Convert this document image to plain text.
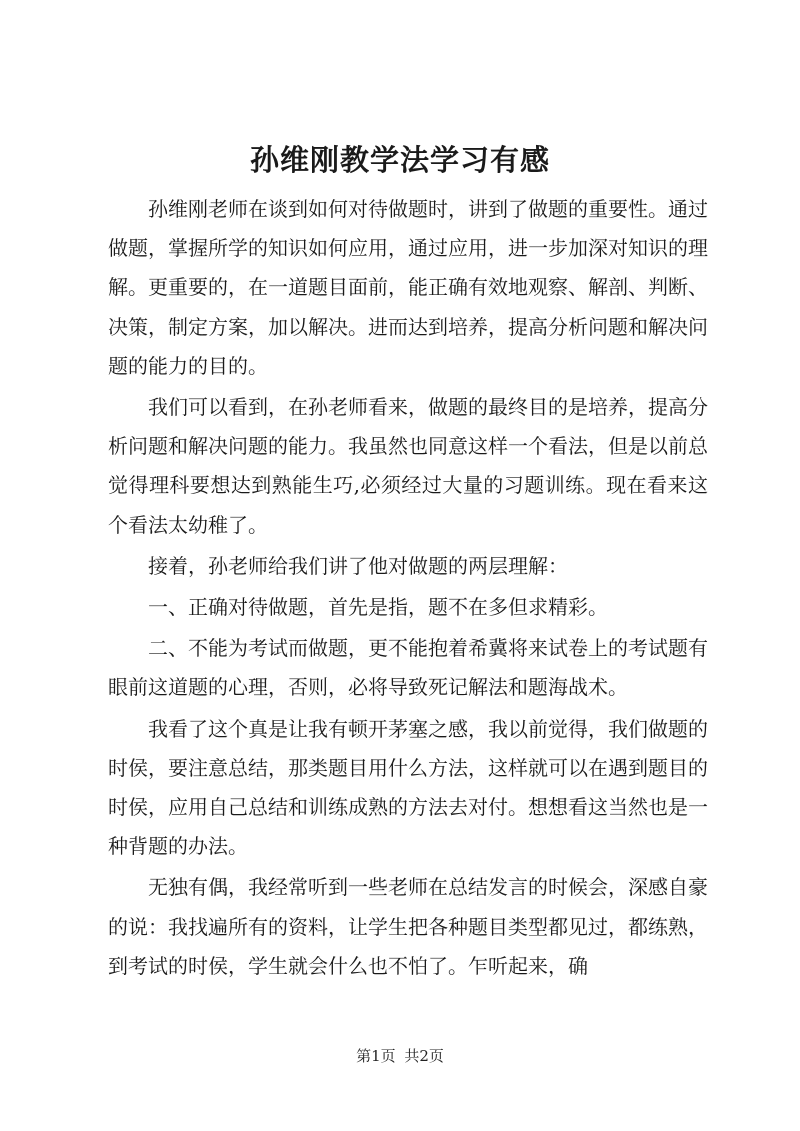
孙维刚教学法学习有感

孙维刚老师在谈到如何对待做题时，讲到了做题的重要性。通过做题，掌握所学的知识如何应用，通过应用，进一步加深对知识的理解。更重要的，在一道题目面前，能正确有效地观察、解剖、判断、决策，制定方案，加以解决。进而达到培养，提高分析问题和解决问题的能力的目的。

我们可以看到，在孙老师看来，做题的最终目的是培养，提高分析问题和解决问题的能力。我虽然也同意这样一个看法，但是以前总觉得理科要想达到熟能生巧,必须经过大量的习题训练。现在看来这个看法太幼稚了。

接着，孙老师给我们讲了他对做题的两层理解：

一、正确对待做题，首先是指，题不在多但求精彩。

二、不能为考试而做题，更不能抱着希冀将来试卷上的考试题有眼前这道题的心理，否则，必将导致死记解法和题海战术。

我看了这个真是让我有顿开茅塞之感，我以前觉得，我们做题的时侯，要注意总结，那类题目用什么方法，这样就可以在遇到题目的时侯，应用自己总结和训练成熟的方法去对付。想想看这当然也是一种背题的办法。

无独有偶，我经常听到一些老师在总结发言的时候会，深感自豪的说：我找遍所有的资料，让学生把各种题目类型都见过，都练熟，到考试的时侯，学生就会什么也不怕了。乍听起来，确

第1页 共2页
